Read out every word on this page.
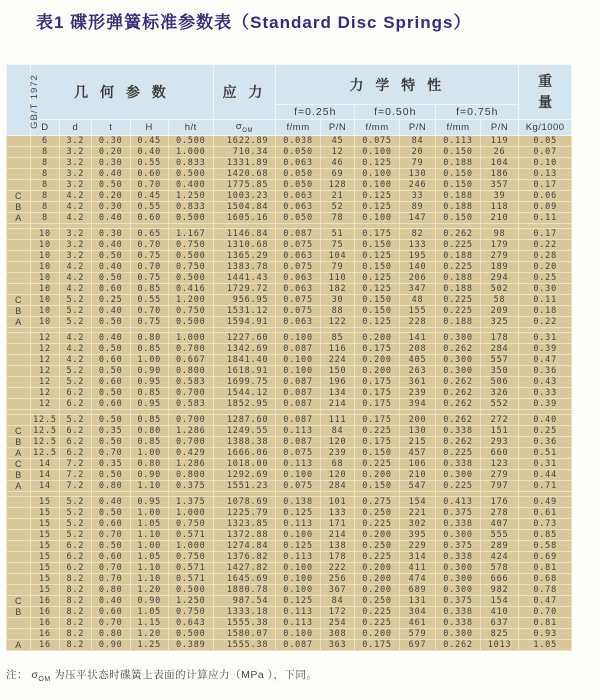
表1 碟形弹簧标准参数表（Standard Disc Springs）
GB/T 1972	几 何 参 数					应 力	力 学 特 性						重量
							f=0.25h		f=0.50h		f=0.75h		
	D	d	t	H	h/t	$\sigma_{OM}$	f/mm	P/N	f/mm	P/N	f/mm	P/N	Kg/1000
	6	3.2	0.30	0.45	0.500	1622.89	0.038	45	0.075	84	0.113	119	0.05
	8	3.2	0.20	0.40	1.000	710.34	0.050	12	0.100	20	0.150	26	0.07
	8	3.2	0.30	0.55	0.833	1331.89	0.063	46	0.125	79	0.188	104	0.10
	8	3.2	0.40	0.60	0.500	1420.68	0.050	69	0.100	130	0.150	186	0.13
	8	3.2	0.50	0.70	0.400	1775.85	0.050	128	0.100	246	0.150	357	0.17
C	8	4.2	0.20	0.45	1.250	1003.23	0.063	21	0.125	33	0.188	39	0.06
B	8	4.2	0.30	0.55	0.833	1504.84	0.063	52	0.125	89	0.188	118	0.09
A	8	4.2	0.40	0.60	0.500	1605.16	0.050	78	0.100	147	0.150	210	0.11

	10	3.2	0.30	0.65	1.167	1146.84	0.087	51	0.175	82	0.262	98	0.17
	10	3.2	0.40	0.70	0.750	1310.68	0.075	75	0.150	133	0.225	179	0.22
	10	3.2	0.50	0.75	0.500	1365.29	0.063	104	0.125	195	0.188	279	0.28
	10	4.2	0.40	0.70	0.750	1383.78	0.075	79	0.150	140	0.225	189	0.20
	10	4.2	0.50	0.75	0.500	1441.43	0.063	110	0.125	206	0.188	294	0.25
	10	4.2	0.60	0.85	0.416	1729.72	0.063	182	0.125	347	0.188	502	0.30
C	10	5.2	0.25	0.55	1.200	956.95	0.075	30	0.150	48	0.225	58	0.11
B	10	5.2	0.40	0.70	0.750	1531.12	0.075	88	0.150	155	0.225	209	0.18
A	10	5.2	0.50	0.75	0.500	1594.91	0.063	122	0.125	228	0.188	325	0.22

	12	4.2	0.40	0.80	1.000	1227.60	0.100	85	0.200	141	0.300	178	0.31
	12	4.2	0.50	0.85	0.700	1342.69	0.087	116	0.175	208	0.262	284	0.39
	12	4.2	0.60	1.00	0.667	1841.40	0.100	224	0.200	405	0.300	557	0.47
	12	5.2	0.50	0.90	0.800	1618.91	0.100	150	0.200	263	0.300	350	0.36
	12	5.2	0.60	0.95	0.583	1699.75	0.087	196	0.175	361	0.262	506	0.43
	12	6.2	0.50	0.85	0.700	1544.12	0.087	134	0.175	239	0.262	326	0.33
	12	6.2	0.60	0.95	0.583	1852.95	0.087	214	0.175	394	0.262	552	0.39

	12.5	5.2	0.50	0.85	0.700	1287.60	0.087	111	0.175	200	0.262	272	0.40
C	12.5	6.2	0.35	0.80	1.286	1249.55	0.113	84	0.225	130	0.338	151	0.25
B	12.5	6.2	0.50	0.85	0.700	1388.38	0.087	120	0.175	215	0.262	293	0.36
A	12.5	6.2	0.70	1.00	0.429	1666.06	0.075	239	0.150	457	0.225	660	0.51
C	14	7.2	0.35	0.80	1.286	1018.00	0.113	68	0.225	106	0.338	123	0.31
B	14	7.2	0.50	0.90	0.800	1292.69	0.100	120	0.200	210	0.300	279	0.44
A	14	7.2	0.80	1.10	0.375	1551.23	0.075	284	0.150	547	0.225	797	0.71

	15	5.2	0.40	0.95	1.375	1078.69	0.138	101	0.275	154	0.413	176	0.49
	15	5.2	0.50	1.00	1.000	1225.79	0.125	133	0.250	221	0.375	278	0.61
	15	5.2	0.60	1.05	0.750	1323.85	0.113	171	0.225	302	0.338	407	0.73
	15	5.2	0.70	1.10	0.571	1372.88	0.100	214	0.200	395	0.300	555	0.85
	15	6.2	0.50	1.00	1.000	1274.84	0.125	138	0.250	229	0.375	289	0.58
	15	6.2	0.60	1.05	0.750	1376.82	0.113	178	0.225	314	0.338	424	0.69
	15	6.2	0.70	1.10	0.571	1427.82	0.100	222	0.200	411	0.300	578	0.81
	15	8.2	0.70	1.10	0.571	1645.69	0.100	256	0.200	474	0.300	666	0.68
	15	8.2	0.80	1.20	0.500	1880.78	0.100	367	0.200	689	0.300	982	0.78
C	16	8.2	0.40	0.90	1.250	987.54	0.125	84	0.250	131	0.375	154	0.47
B	16	8.2	0.60	1.05	0.750	1333.18	0.113	172	0.225	304	0.338	410	0.70
	16	8.2	0.70	1.15	0.643	1555.38	0.113	254	0.225	461	0.338	637	0.81
	16	8.2	0.80	1.20	0.500	1580.07	0.100	308	0.200	579	0.300	825	0.93
A	16	8.2	0.90	1.25	0.389	1555.38	0.087	363	0.175	697	0.262	1013	1.05
注： $\sigma_{OM}$ 为压平状态时碟簧上表面的计算应力（MPa ），下同。
